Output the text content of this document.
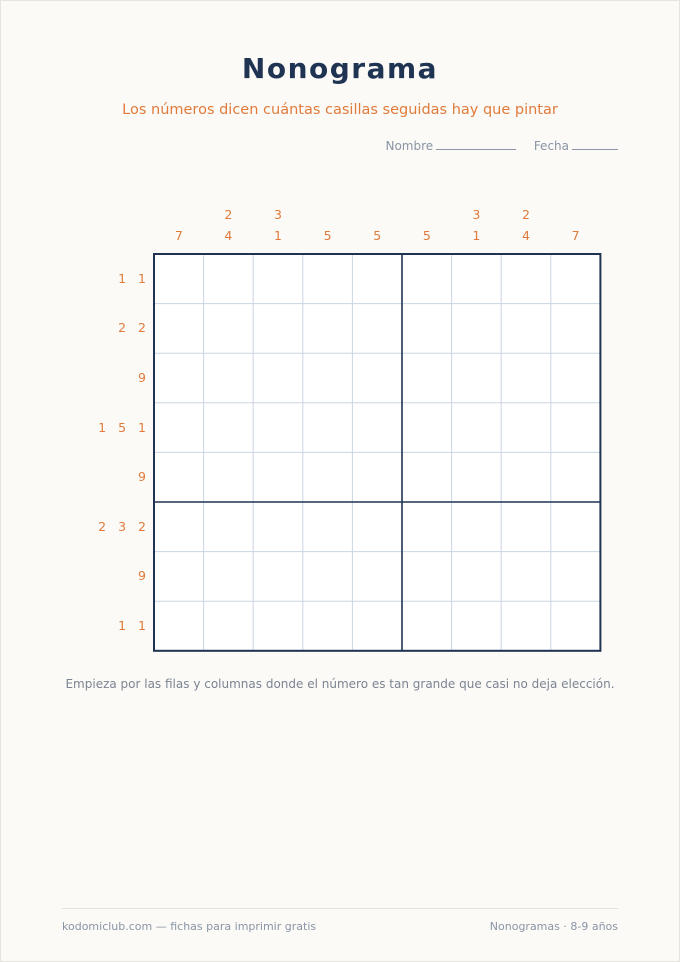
Nonograma
Los números dicen cuántas casillas seguidas hay que pintar
Nombre	Fecha
7
2
4
3
1	5	5	5
3
1
2
4	7
1 1
2 2
9
1 5 1
9
2 3 2
9
1 1
Empieza por las filas y columnas donde el número es tan grande que casi no deja elección.
kodomiclub.com — fichas para imprimir gratis	Nonogramas · 8-9 años
